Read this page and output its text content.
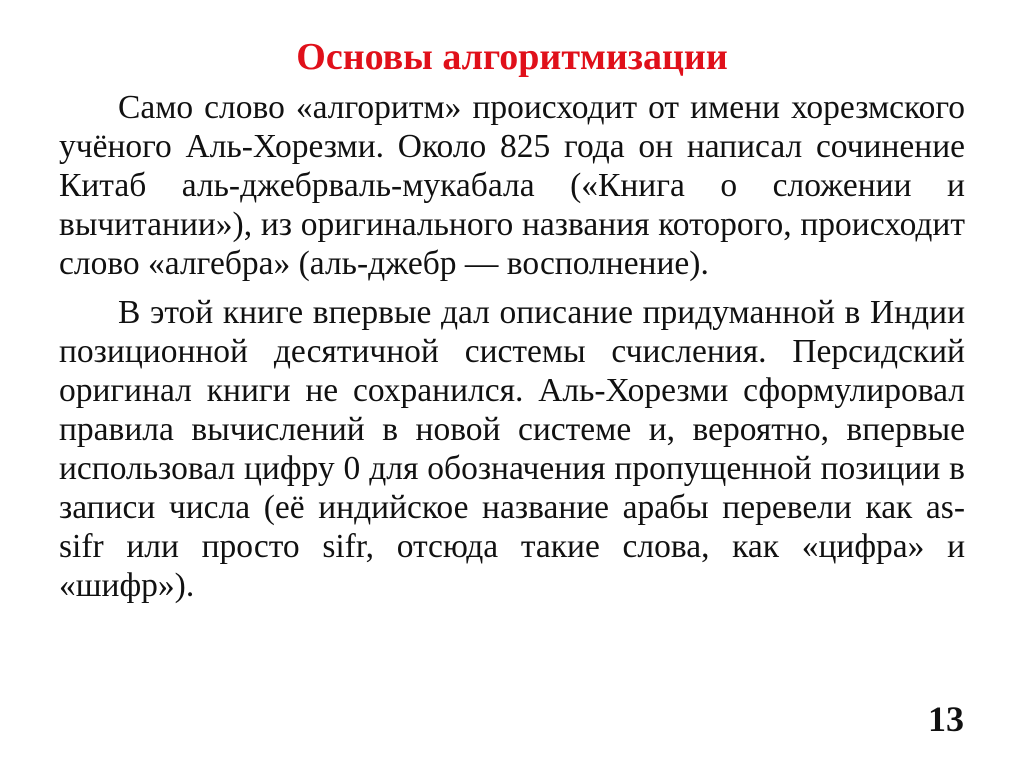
Основы алгоритмизации

Само слово «алгоритм» происходит от имени хорезмского учёного Аль-Хорезми. Около 825 года он написал сочинение Китаб аль-джебрваль-мукабала («Книга о сложении и вычитании»), из оригинального названия которого, происходит слово «алгебра» (аль-джебр — восполнение).

В этой книге впервые дал описание придуманной в Индии позиционной десятичной системы счисления. Персидский оригинал книги не сохранился. Аль-Хорезми сформулировал правила вычислений в новой системе и, вероятно, впервые использовал цифру 0 для обозначения пропущенной позиции в записи числа (её индийское название арабы перевели как as-sifr или просто sifr, отсюда такие слова, как «цифра» и «шифр»).

13
